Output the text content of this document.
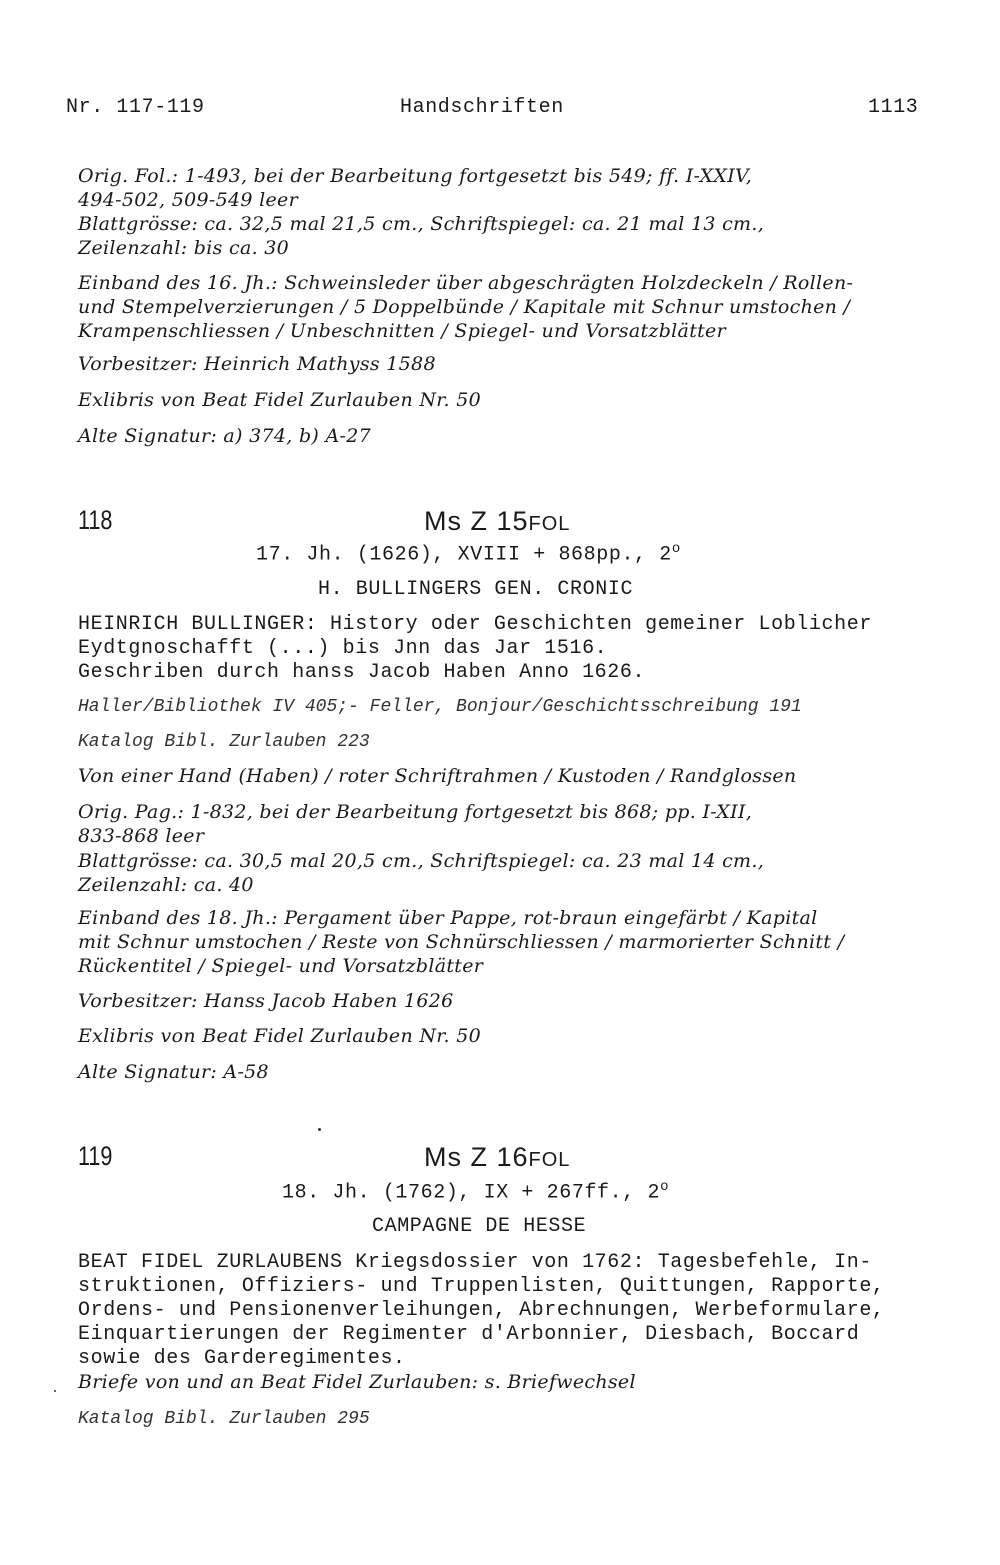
Nr. 117-119	Handschriften	1113
Orig. Fol.: 1-493, bei der Bearbeitung fortgesetzt bis 549; ff. I-XXIV,
494-502, 509-549 leer
Blattgrösse: ca. 32,5 mal 21,5 cm., Schriftspiegel: ca. 21 mal 13 cm.,
Zeilenzahl: bis ca. 30
Einband des 16. Jh.: Schweinsleder über abgeschrägten Holzdeckeln / Rollen-
und Stempelverzierungen / 5 Doppelbünde / Kapitale mit Schnur umstochen /
Krampenschliessen / Unbeschnitten / Spiegel- und Vorsatzblätter
Vorbesitzer: Heinrich Mathyss 1588
Exlibris von Beat Fidel Zurlauben Nr. 50
Alte Signatur: a) 374, b) A-27
118	Ms Z 15FOL
17. Jh. (1626), XVIII + 868pp., 2$^o$
H. BULLINGERS GEN. CRONIC
HEINRICH BULLINGER: History oder Geschichten gemeiner Loblicher
Eydtgnoschafft (...) bis Jnn das Jar 1516.
Geschriben durch hanss Jacob Haben Anno 1626.
Haller/Bibliothek IV 405;- Feller, Bonjour/Geschichtsschreibung 191
Katalog Bibl. Zurlauben 223
Von einer Hand (Haben) / roter Schriftrahmen / Kustoden / Randglossen
Orig. Pag.: 1-832, bei der Bearbeitung fortgesetzt bis 868; pp. I-XII,
833-868 leer
Blattgrösse: ca. 30,5 mal 20,5 cm., Schriftspiegel: ca. 23 mal 14 cm.,
Zeilenzahl: ca. 40
Einband des 18. Jh.: Pergament über Pappe, rot-braun eingefärbt / Kapital
mit Schnur umstochen / Reste von Schnürschliessen / marmorierter Schnitt /
Rückentitel / Spiegel- und Vorsatzblätter
Vorbesitzer: Hanss Jacob Haben 1626
Exlibris von Beat Fidel Zurlauben Nr. 50
Alte Signatur: A-58
119	Ms Z 16FOL
18. Jh. (1762), IX + 267ff., 2$^o$
CAMPAGNE DE HESSE
BEAT FIDEL ZURLAUBENS Kriegsdossier von 1762: Tagesbefehle, In-
struktionen, Offiziers- und Truppenlisten, Quittungen, Rapporte,
Ordens- und Pensionenverleihungen, Abrechnungen, Werbeformulare,
Einquartierungen der Regimenter d'Arbonnier, Diesbach, Boccard
sowie des Garderegimentes.
Briefe von und an Beat Fidel Zurlauben: s. Briefwechsel
Katalog Bibl. Zurlauben 295
